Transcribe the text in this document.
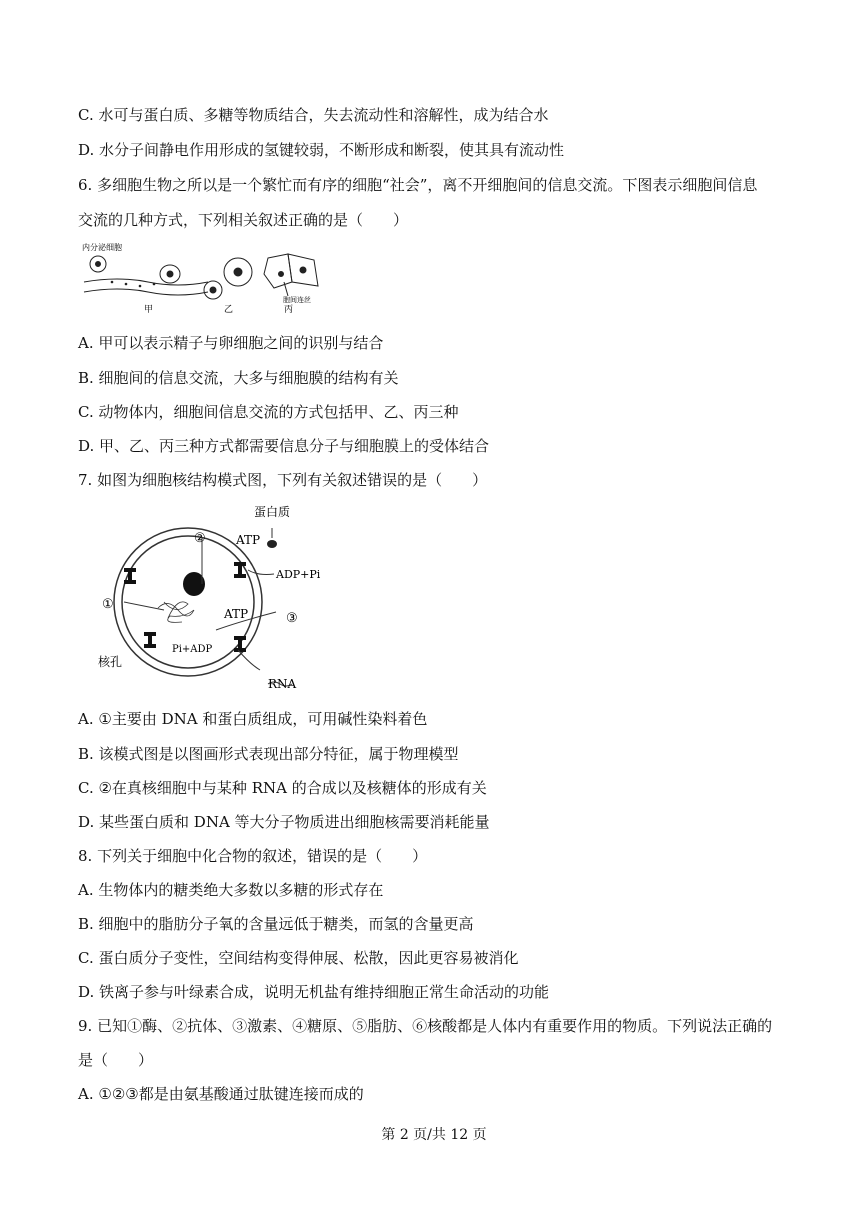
C. 水可与蛋白质、多糖等物质结合，失去流动性和溶解性，成为结合水
D. 水分子间静电作用形成的氢键较弱，不断形成和断裂，使其具有流动性
6. 多细胞生物之所以是一个繁忙而有序的细胞“社会”，离不开细胞间的信息交流。下图表示细胞间信息
交流的几种方式，下列相关叙述正确的是（　　）
内分泌细胞
甲	乙	丙
胞间连丝
A. 甲可以表示精子与卵细胞之间的识别与结合
B. 细胞间的信息交流，大多与细胞膜的结构有关
C. 动物体内，细胞间信息交流的方式包括甲、乙、丙三种
D. 甲、乙、丙三种方式都需要信息分子与细胞膜上的受体结合
7. 如图为细胞核结构模式图，下列有关叙述错误的是（　　）
蛋白质
ATP
ADP+Pi
ATP
Pi+ADP
RNA
核孔
①
②
③
A. ①主要由 DNA 和蛋白质组成，可用碱性染料着色
B. 该模式图是以图画形式表现出部分特征，属于物理模型
C. ②在真核细胞中与某种 RNA 的合成以及核糖体的形成有关
D. 某些蛋白质和 DNA 等大分子物质进出细胞核需要消耗能量
8. 下列关于细胞中化合物的叙述，错误的是（　　）
A. 生物体内的糖类绝大多数以多糖的形式存在
B. 细胞中的脂肪分子氧的含量远低于糖类，而氢的含量更高
C. 蛋白质分子变性，空间结构变得伸展、松散，因此更容易被消化
D. 铁离子参与叶绿素合成，说明无机盐有维持细胞正常生命活动的功能
9. 已知①酶、②抗体、③激素、④糖原、⑤脂肪、⑥核酸都是人体内有重要作用的物质。下列说法正确的
是（　　）
A. ①②③都是由氨基酸通过肽键连接而成的
第 2 页/共 12 页
